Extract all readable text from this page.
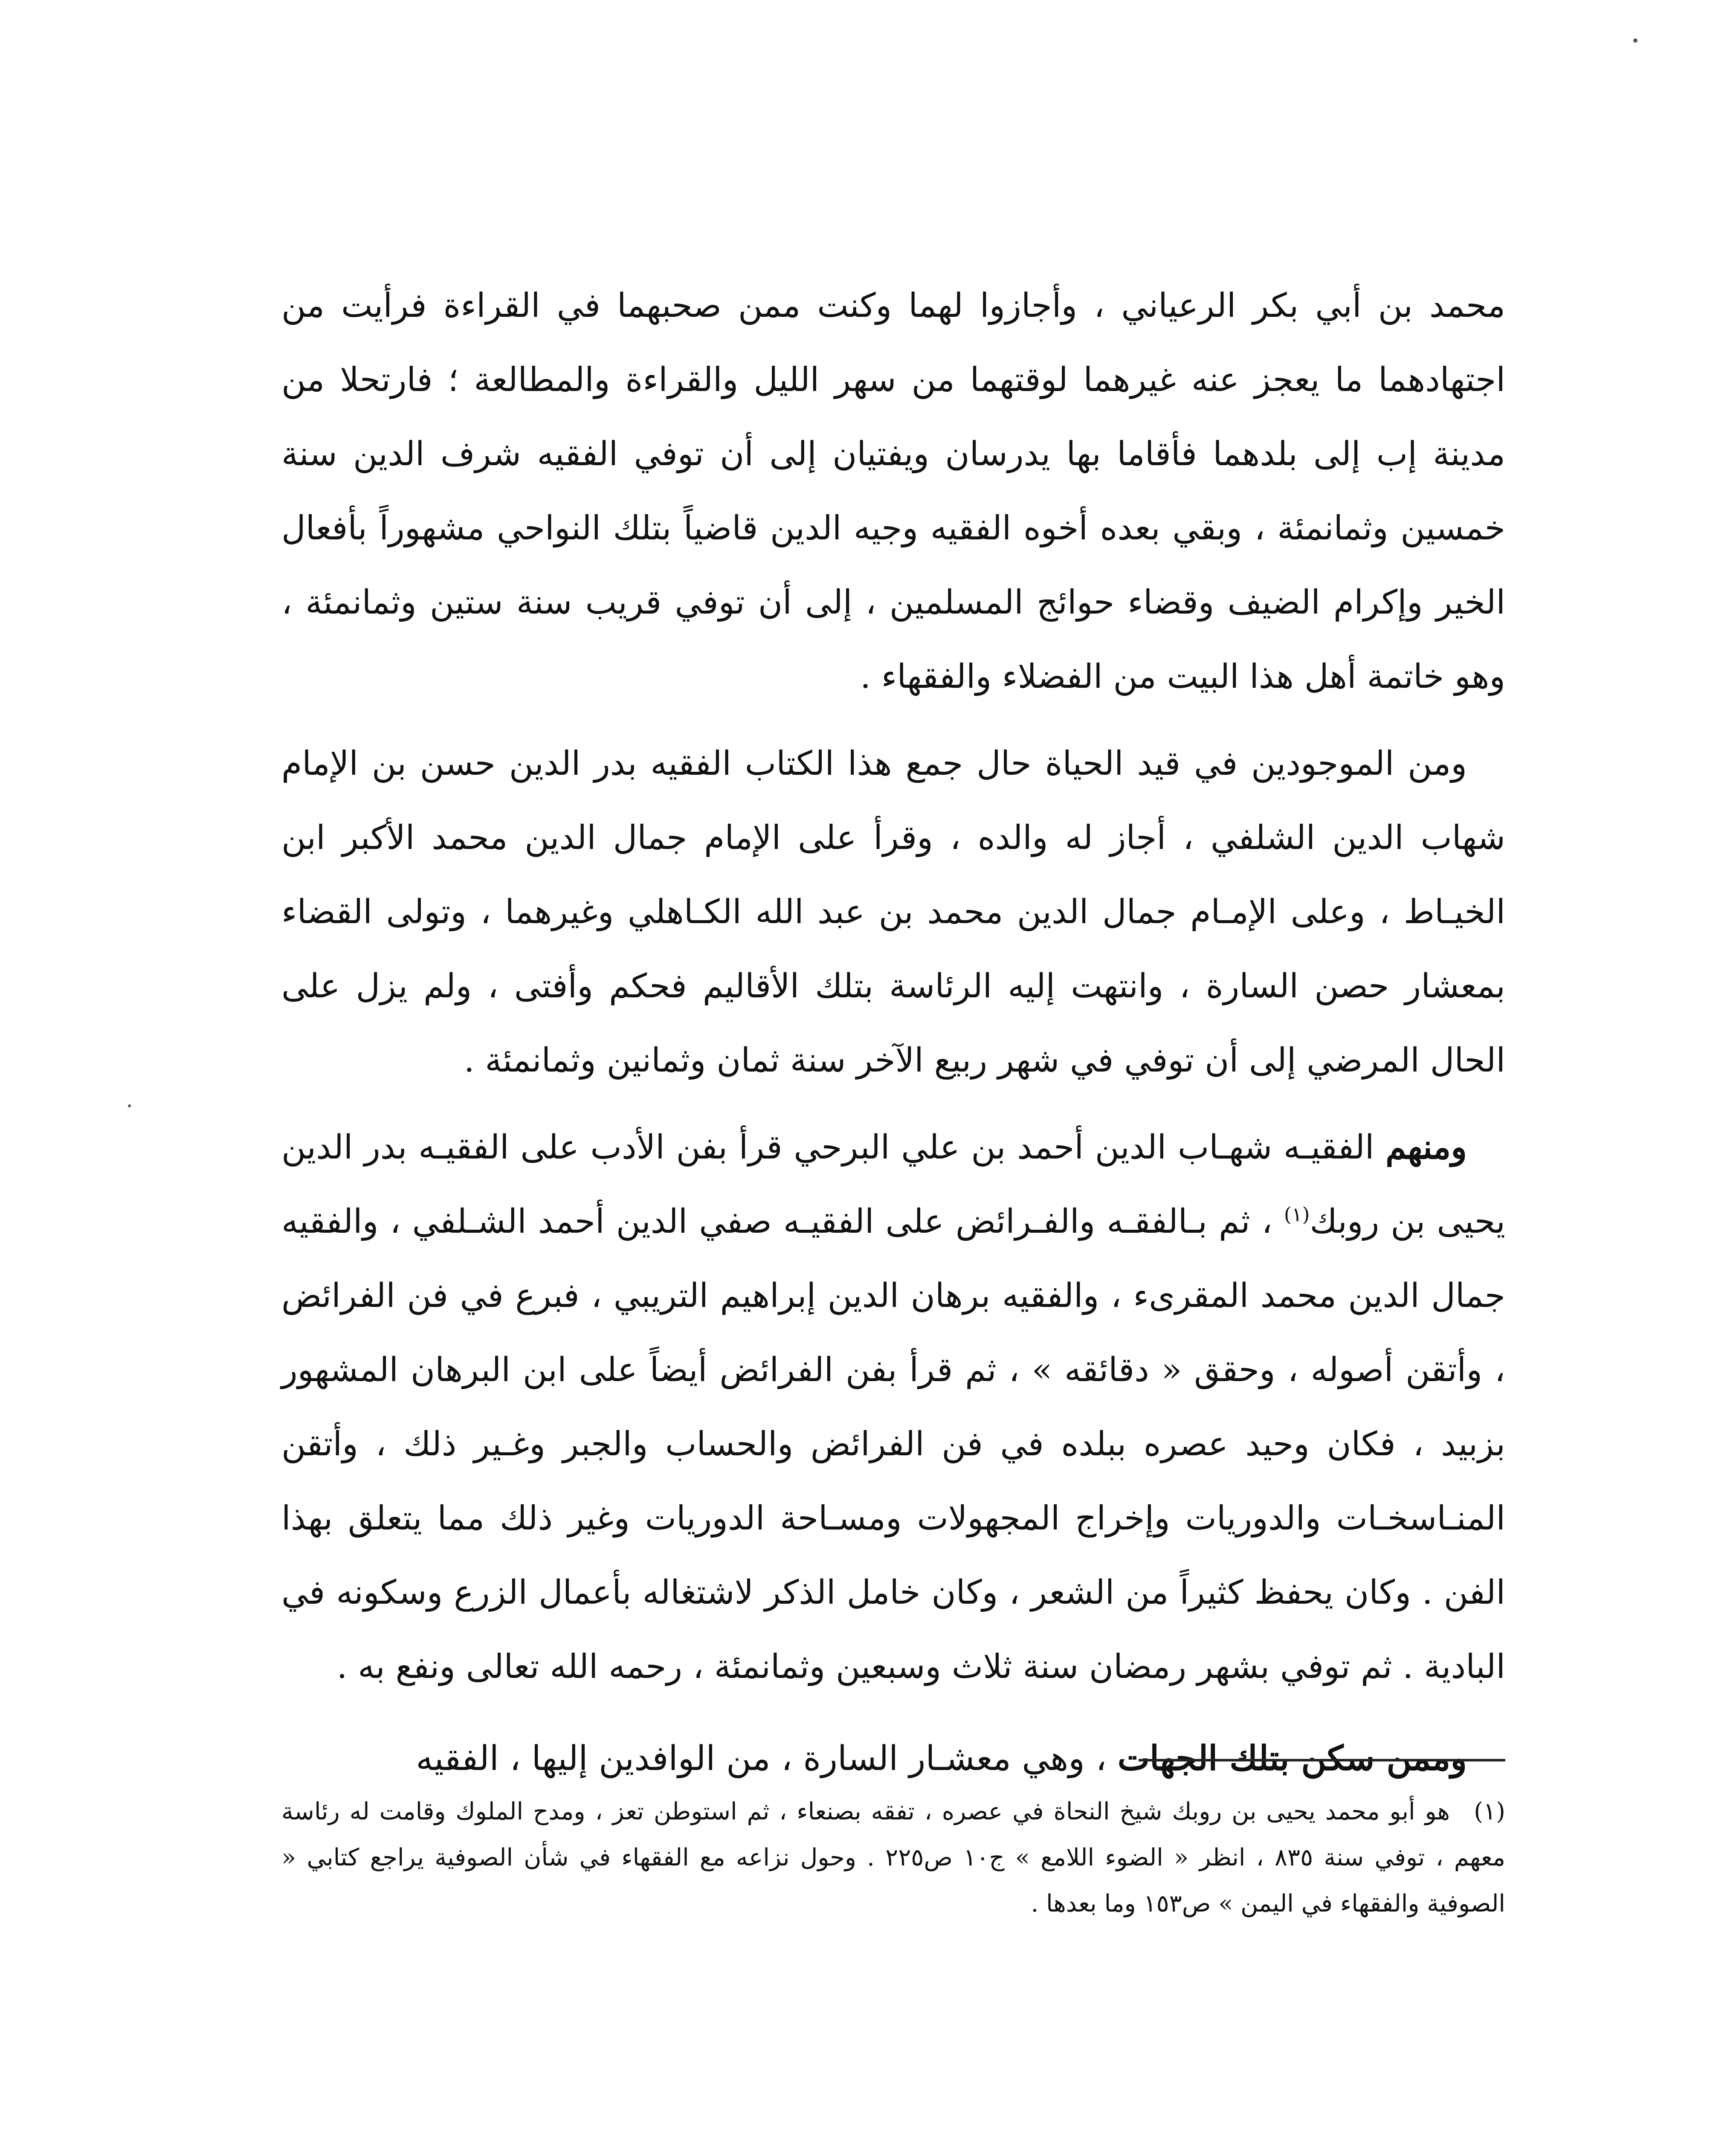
محمد بن أبي بكر الرعياني ، وأجازوا لهما وكنت ممن صحبهما في القراءة فرأيت من اجتهادهما ما يعجز عنه غيرهما لوقتهما من سهر الليل والقراءة والمطالعة ؛ فارتحلا من مدينة إب إلى بلدهما فأقاما بها يدرسان ويفتيان إلى أن توفي الفقيه شرف الدين سنة خمسين وثمانمئة ، وبقي بعده أخوه الفقيه وجيه الدين قاضياً بتلك النواحي مشهوراً بأفعال الخير وإكرام الضيف وقضاء حوائج المسلمين ، إلى أن توفي قريب سنة ستين وثمانمئة ، وهو خاتمة أهل هذا البيت من الفضلاء والفقهاء .

ومن الموجودين في قيد الحياة حال جمع هذا الكتاب الفقيه بدر الدين حسن بن الإمام شهاب الدين الشلفي ، أجاز له والده ، وقرأ على الإمام جمال الدين محمد الأكبر ابن الخيـاط ، وعلى الإمـام جمال الدين محمد بن عبد الله الكـاهلي وغيرهما ، وتولى القضاء بمعشار حصن السارة ، وانتهت إليه الرئاسة بتلك الأقاليم فحكم وأفتى ، ولم يزل على الحال المرضي إلى أن توفي في شهر ربيع الآخر سنة ثمان وثمانين وثمانمئة .

ومنهم الفقيـه شهـاب الدين أحمد بن علي البرحي قرأ بفن الأدب على الفقيـه بدر الدين يحيى بن روبك$^{(١)}$ ، ثم بـالفقـه والفـرائض على الفقيـه صفي الدين أحمد الشـلفي ، والفقيه جمال الدين محمد المقرىء ، والفقيه برهان الدين إبراهيم التريبي ، فبرع في فن الفرائض ، وأتقن أصوله ، وحقق « دقائقه » ، ثم قرأ بفن الفرائض أيضاً على ابن البرهان المشهور بزبيد ، فكان وحيد عصره ببلده في فن الفرائض والحساب والجبر وغـير ذلك ، وأتقن المنـاسخـات والدوريات وإخراج المجهولات ومسـاحة الدوريات وغير ذلك مما يتعلق بهذا الفن . وكان يحفظ كثيراً من الشعر ، وكان خامل الذكر لاشتغاله بأعمال الزرع وسكونه في البادية . ثم توفي بشهر رمضان سنة ثلاث وسبعين وثمانمئة ، رحمه الله تعالى ونفع به .

وممن سكن بتلك الجهات ، وهي معشـار السارة ، من الوافدين إليها ، الفقيه

(١)هو أبو محمد يحيى بن روبك شيخ النحاة في عصره ، تفقه بصنعاء ، ثم استوطن تعز ، ومدح الملوك وقامت له رئاسة معهم ، توفي سنة ٨٣٥ ، انظر « الضوء اللامع » ج١٠ ص٢٢٥ . وحول نزاعه مع الفقهاء في شأن الصوفية يراجع كتابي « الصوفية والفقهاء في اليمن » ص١٥٣ وما بعدها .
